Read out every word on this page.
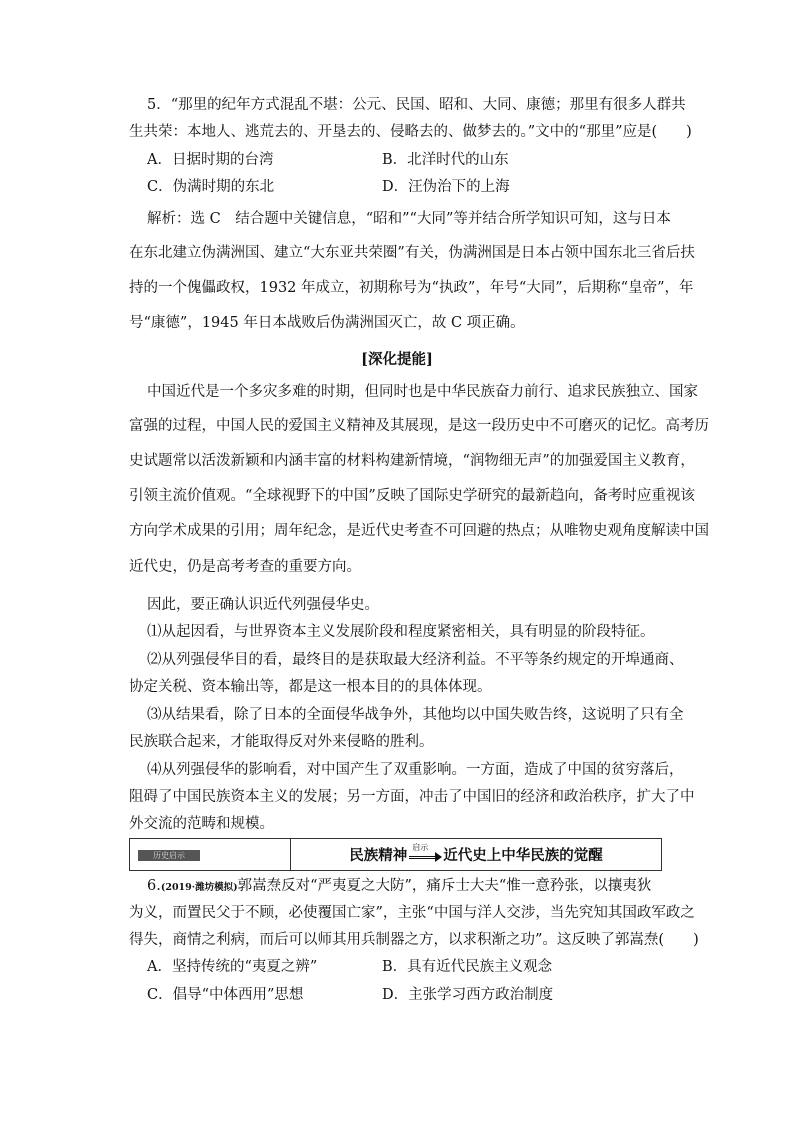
5．“那里的纪年方式混乱不堪：公元、民国、昭和、大同、康德；那里有很多人群共
生共荣：本地人、逃荒去的、开垦去的、侵略去的、做梦去的。”文中的“那里”应是(　　)
A．日据时期的台湾	B．北洋时代的山东
C．伪满时期的东北	D．汪伪治下的上海
解析：选 C　结合题中关键信息，“昭和”“大同”等并结合所学知识可知，这与日本
在东北建立伪满洲国、建立“大东亚共荣圈”有关，伪满洲国是日本占领中国东北三省后扶
持的一个傀儡政权，1932 年成立，初期称号为“执政”，年号“大同”，后期称“皇帝”，年
号“康德”，1945 年日本战败后伪满洲国灭亡，故 C 项正确。
[深化提能]
中国近代是一个多灾多难的时期，但同时也是中华民族奋力前行、追求民族独立、国家
富强的过程，中国人民的爱国主义精神及其展现，是这一段历史中不可磨灭的记忆。高考历
史试题常以活泼新颖和内涵丰富的材料构建新情境，“润物细无声”的加强爱国主义教育，
引领主流价值观。“全球视野下的中国”反映了国际史学研究的最新趋向，备考时应重视该
方向学术成果的引用；周年纪念，是近代史考查不可回避的热点；从唯物史观角度解读中国
近代史，仍是高考考查的重要方向。
因此，要正确认识近代列强侵华史。
⑴从起因看，与世界资本主义发展阶段和程度紧密相关，具有明显的阶段特征。
⑵从列强侵华目的看，最终目的是获取最大经济利益。不平等条约规定的开埠通商、
协定关税、资本输出等，都是这一根本目的的具体体现。
⑶从结果看，除了日本的全面侵华战争外，其他均以中国失败告终，这说明了只有全
民族联合起来，才能取得反对外来侵略的胜利。
⑷从列强侵华的影响看，对中国产生了双重影响。一方面，造成了中国的贫穷落后，
阻碍了中国民族资本主义的发展；另一方面，冲击了中国旧的经济和政治秩序，扩大了中
外交流的范畴和规模。
历史启示	民族精神 启示 近代史上中华民族的觉醒
6.(2019·潍坊模拟)郭嵩焘反对“严夷夏之大防”，痛斥士大夫“惟一意矜张，以攘夷狄
为义，而置民父于不顾，必使覆国亡家”，主张“中国与洋人交涉，当先究知其国政军政之
得失，商情之利病，而后可以师其用兵制器之方，以求积渐之功”。这反映了郭嵩焘(　　)
A．坚持传统的“夷夏之辨”	B．具有近代民族主义观念
C．倡导“中体西用”思想	D．主张学习西方政治制度
